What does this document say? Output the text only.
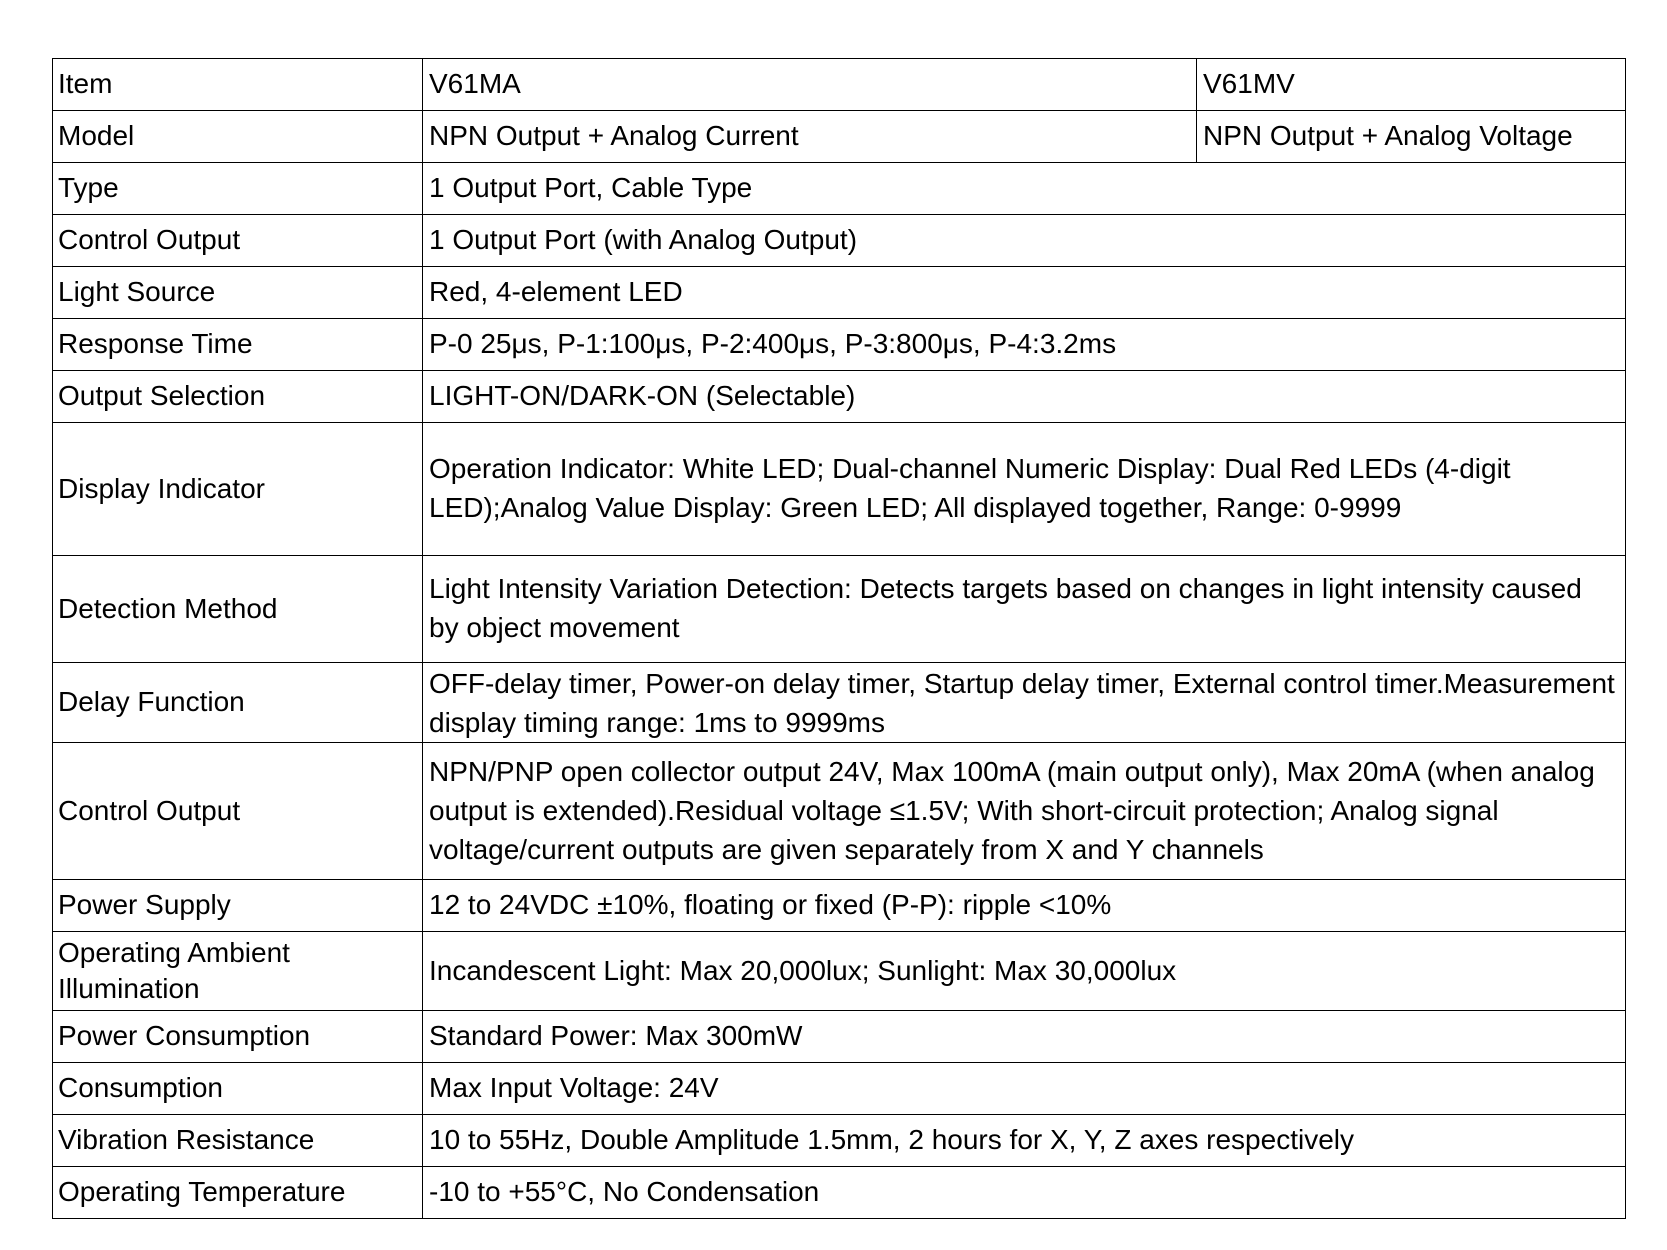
Item	V61MA	V61MV
Model	NPN Output + Analog Current	NPN Output + Analog Voltage
Type	1 Output Port, Cable Type	
Control Output	1 Output Port (with Analog Output)	
Light Source	Red, 4-element LED	
Response Time	P-0 25μs, P-1:100μs, P-2:400μs, P-3:800μs, P-4:3.2ms	
Output Selection	LIGHT-ON/DARK-ON (Selectable)	
Display Indicator	Operation Indicator: White LED; Dual-channel Numeric Display: Dual Red LEDs (4-digit LED);Analog Value Display: Green LED; All displayed together, Range: 0-9999	
Detection Method	Light Intensity Variation Detection: Detects targets based on changes in light intensity caused by object movement	
Delay Function	OFF-delay timer, Power-on delay timer, Startup delay timer, External control timer.Measurement display timing range: 1ms to 9999ms	
Control Output	NPN/PNP open collector output 24V, Max 100mA (main output only), Max 20mA (when analog output is extended).Residual voltage ≤1.5V; With short-circuit protection; Analog signal voltage/current outputs are given separately from X and Y channels	
Power Supply	12 to 24VDC ±10%, floating or fixed (P-P): ripple <10%	
Operating Ambient Illumination	Incandescent Light: Max 20,000lux; Sunlight: Max 30,000lux	
Power Consumption	Standard Power: Max 300mW	
Consumption	Max Input Voltage: 24V	
Vibration Resistance	10 to 55Hz, Double Amplitude 1.5mm, 2 hours for X, Y, Z axes respectively	
Operating Temperature	-10 to +55°C, No Condensation	
